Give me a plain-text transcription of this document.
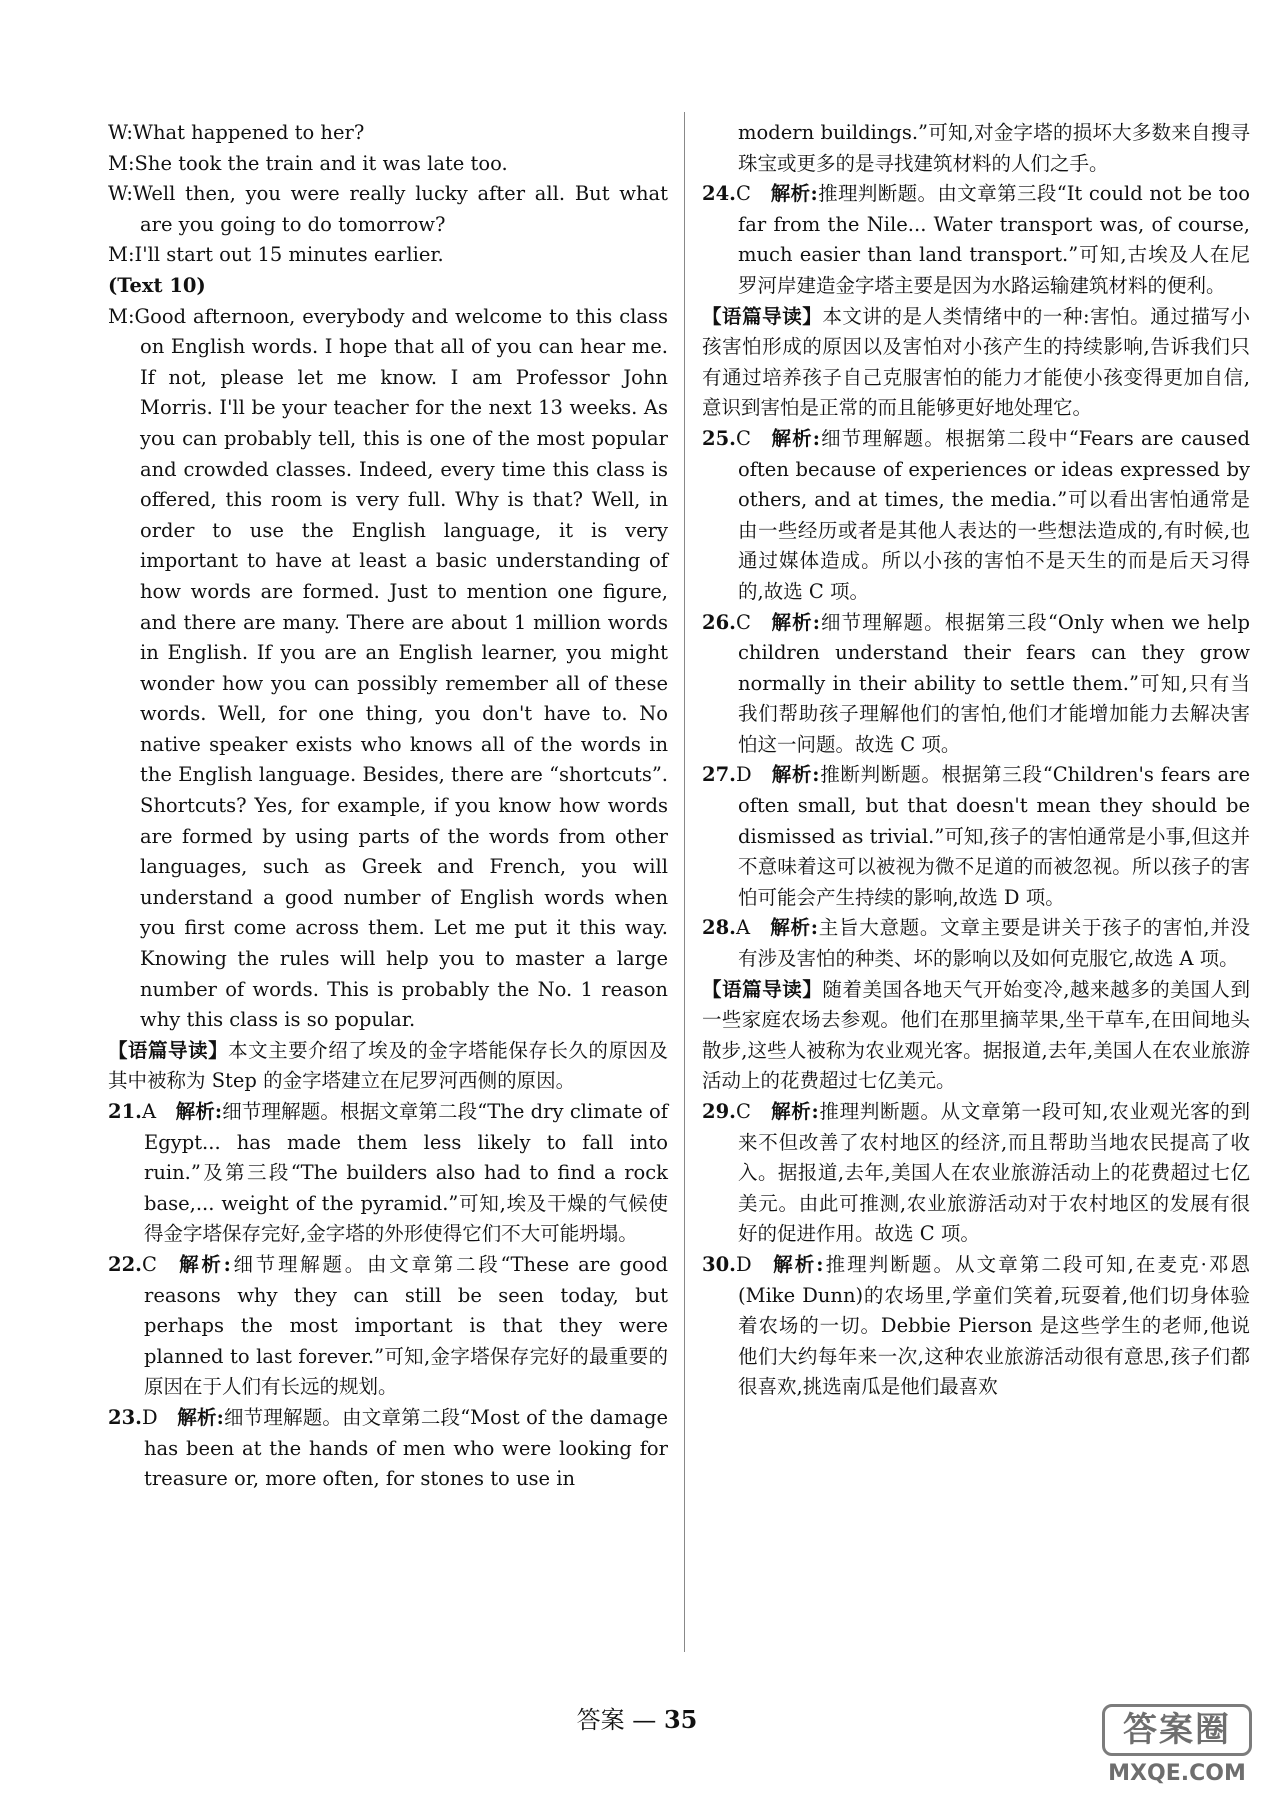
W:What happened to her?

M:She took the train and it was late too.

W:Well then, you were really lucky after all. But what are you going to do tomorrow?

M:I'll start out 15 minutes earlier.

(Text 10)

M:Good afternoon, everybody and welcome to this class on English words. I hope that all of you can hear me. If not, please let me know. I am Professor John Morris. I'll be your teacher for the next 13 weeks. As you can probably tell, this is one of the most popular and crowded classes. Indeed, every time this class is offered, this room is very full. Why is that? Well, in order to use the English language, it is very important to have at least a basic understanding of how words are formed. Just to mention one figure, and there are many. There are about 1 million words in English. If you are an English learner, you might wonder how you can possibly remember all of these words. Well, for one thing, you don't have to. No native speaker exists who knows all of the words in the English language. Besides, there are “shortcuts”. Shortcuts? Yes, for example, if you know how words are formed by using parts of the words from other languages, such as Greek and French, you will understand a good number of English words when you first come across them. Let me put it this way. Knowing the rules will help you to master a large number of words. This is probably the No. 1 reason why this class is so popular.

【语篇导读】本文主要介绍了埃及的金字塔能保存长久的原因及其中被称为 Step 的金字塔建立在尼罗河西侧的原因。

21.A  解析:细节理解题。根据文章第二段“The dry climate of Egypt... has made them less likely to fall into ruin.”及第三段“The builders also had to find a rock base,... weight of the pyramid.”可知,埃及干燥的气候使得金字塔保存完好,金字塔的外形使得它们不大可能坍塌。

22.C  解析:细节理解题。由文章第二段“These are good reasons why they can still be seen today, but perhaps the most important is that they were planned to last forever.”可知,金字塔保存完好的最重要的原因在于人们有长远的规划。

23.D  解析:细节理解题。由文章第二段“Most of the damage has been at the hands of men who were looking for treasure or, more often, for stones to use in

modern buildings.”可知,对金字塔的损坏大多数来自搜寻珠宝或更多的是寻找建筑材料的人们之手。

24.C  解析:推理判断题。由文章第三段“It could not be too far from the Nile... Water transport was, of course, much easier than land transport.”可知,古埃及人在尼罗河岸建造金字塔主要是因为水路运输建筑材料的便利。

【语篇导读】本文讲的是人类情绪中的一种:害怕。通过描写小孩害怕形成的原因以及害怕对小孩产生的持续影响,告诉我们只有通过培养孩子自己克服害怕的能力才能使小孩变得更加自信,意识到害怕是正常的而且能够更好地处理它。

25.C  解析:细节理解题。根据第二段中“Fears are caused often because of experiences or ideas expressed by others, and at times, the media.”可以看出害怕通常是由一些经历或者是其他人表达的一些想法造成的,有时候,也通过媒体造成。所以小孩的害怕不是天生的而是后天习得的,故选 C 项。

26.C  解析:细节理解题。根据第三段“Only when we help children understand their fears can they grow normally in their ability to settle them.”可知,只有当我们帮助孩子理解他们的害怕,他们才能增加能力去解决害怕这一问题。故选 C 项。

27.D  解析:推断判断题。根据第三段“Children's fears are often small, but that doesn't mean they should be dismissed as trivial.”可知,孩子的害怕通常是小事,但这并不意味着这可以被视为微不足道的而被忽视。所以孩子的害怕可能会产生持续的影响,故选 D 项。

28.A  解析:主旨大意题。文章主要是讲关于孩子的害怕,并没有涉及害怕的种类、坏的影响以及如何克服它,故选 A 项。

【语篇导读】随着美国各地天气开始变冷,越来越多的美国人到一些家庭农场去参观。他们在那里摘苹果,坐干草车,在田间地头散步,这些人被称为农业观光客。据报道,去年,美国人在农业旅游活动上的花费超过七亿美元。

29.C  解析:推理判断题。从文章第一段可知,农业观光客的到来不但改善了农村地区的经济,而且帮助当地农民提高了收入。据报道,去年,美国人在农业旅游活动上的花费超过七亿美元。由此可推测,农业旅游活动对于农村地区的发展有很好的促进作用。故选 C 项。

30.D  解析:推理判断题。从文章第二段可知,在麦克·邓恩(Mike Dunn)的农场里,学童们笑着,玩耍着,他们切身体验着农场的一切。Debbie Pierson 是这些学生的老师,他说他们大约每年来一次,这种农业旅游活动很有意思,孩子们都很喜欢,挑选南瓜是他们最喜欢

答案 — 35	答案圈
MXQE.COM
